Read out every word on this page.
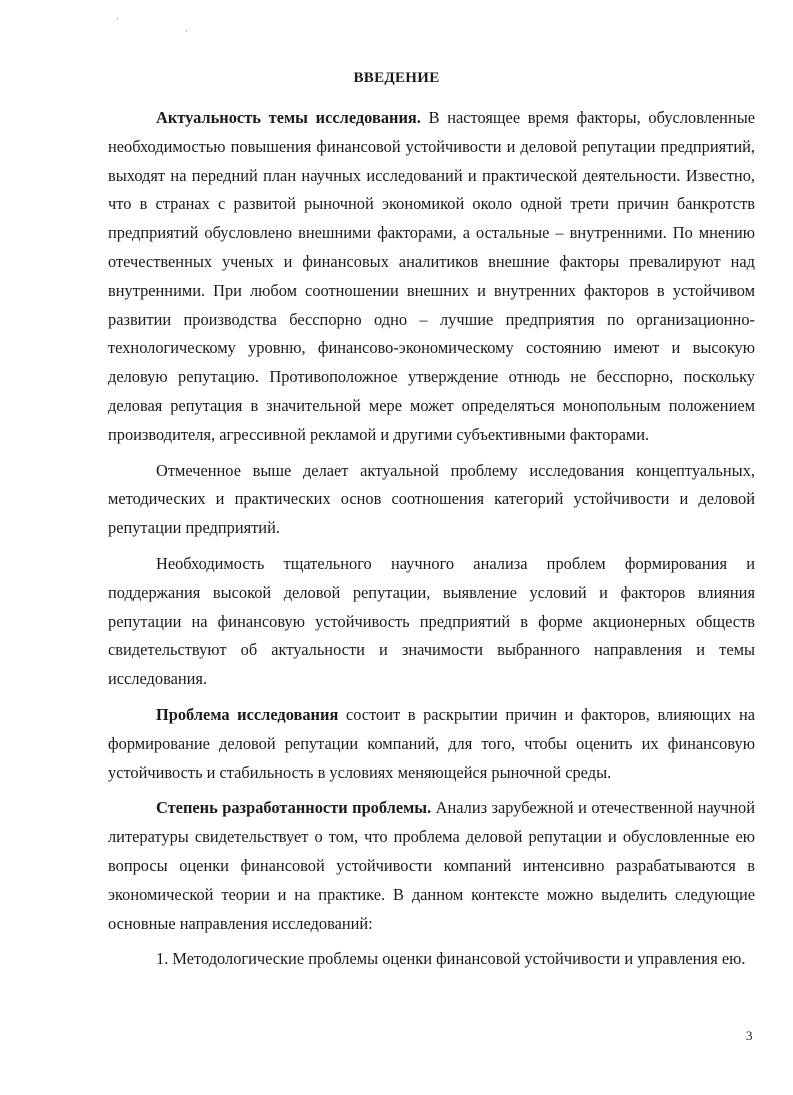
·
'
ВВЕДЕНИЕ

Актуальность темы исследования. В настоящее время факторы, обусловленные необходимостью повышения финансовой устойчивости и деловой репутации предприятий, выходят на передний план научных исследований и практической деятельности. Известно, что в странах с развитой рыночной экономикой около одной трети причин банкротств предприятий обусловлено внешними факторами, а остальные – внутренними. По мнению отечественных ученых и финансовых аналитиков внешние факторы превалируют над внутренними. При любом соотношении внешних и внутренних факторов в устойчивом развитии производства бесспорно одно – лучшие предприятия по организационно-технологическому уровню, финансово-экономическому состоянию имеют и высокую деловую репутацию. Противоположное утверждение отнюдь не бесспорно, поскольку деловая репутация в значительной мере может определяться монопольным положением производителя, агрессивной рекламой и другими субъективными факторами.

Отмеченное выше делает актуальной проблему исследования концептуальных, методических и практических основ соотношения категорий устойчивости и деловой репутации предприятий.

Необходимость тщательного научного анализа проблем формирования и поддержания высокой деловой репутации, выявление условий и факторов влияния репутации на финансовую устойчивость предприятий в форме акционерных обществ свидетельствуют об актуальности и значимости выбранного направления и темы исследования.

Проблема исследования состоит в раскрытии причин и факторов, влияющих на формирование деловой репутации компаний, для того, чтобы оценить их финансовую устойчивость и стабильность в условиях меняющейся рыночной среды.

Степень разработанности проблемы. Анализ зарубежной и отечественной научной литературы свидетельствует о том, что проблема деловой репутации и обусловленные ею вопросы оценки финансовой устойчивости компаний интенсивно разрабатываются в экономической теории и на практике. В данном контексте можно выделить следующие основные направления исследований:

1. Методологические проблемы оценки финансовой устойчивости и управления ею.

3
